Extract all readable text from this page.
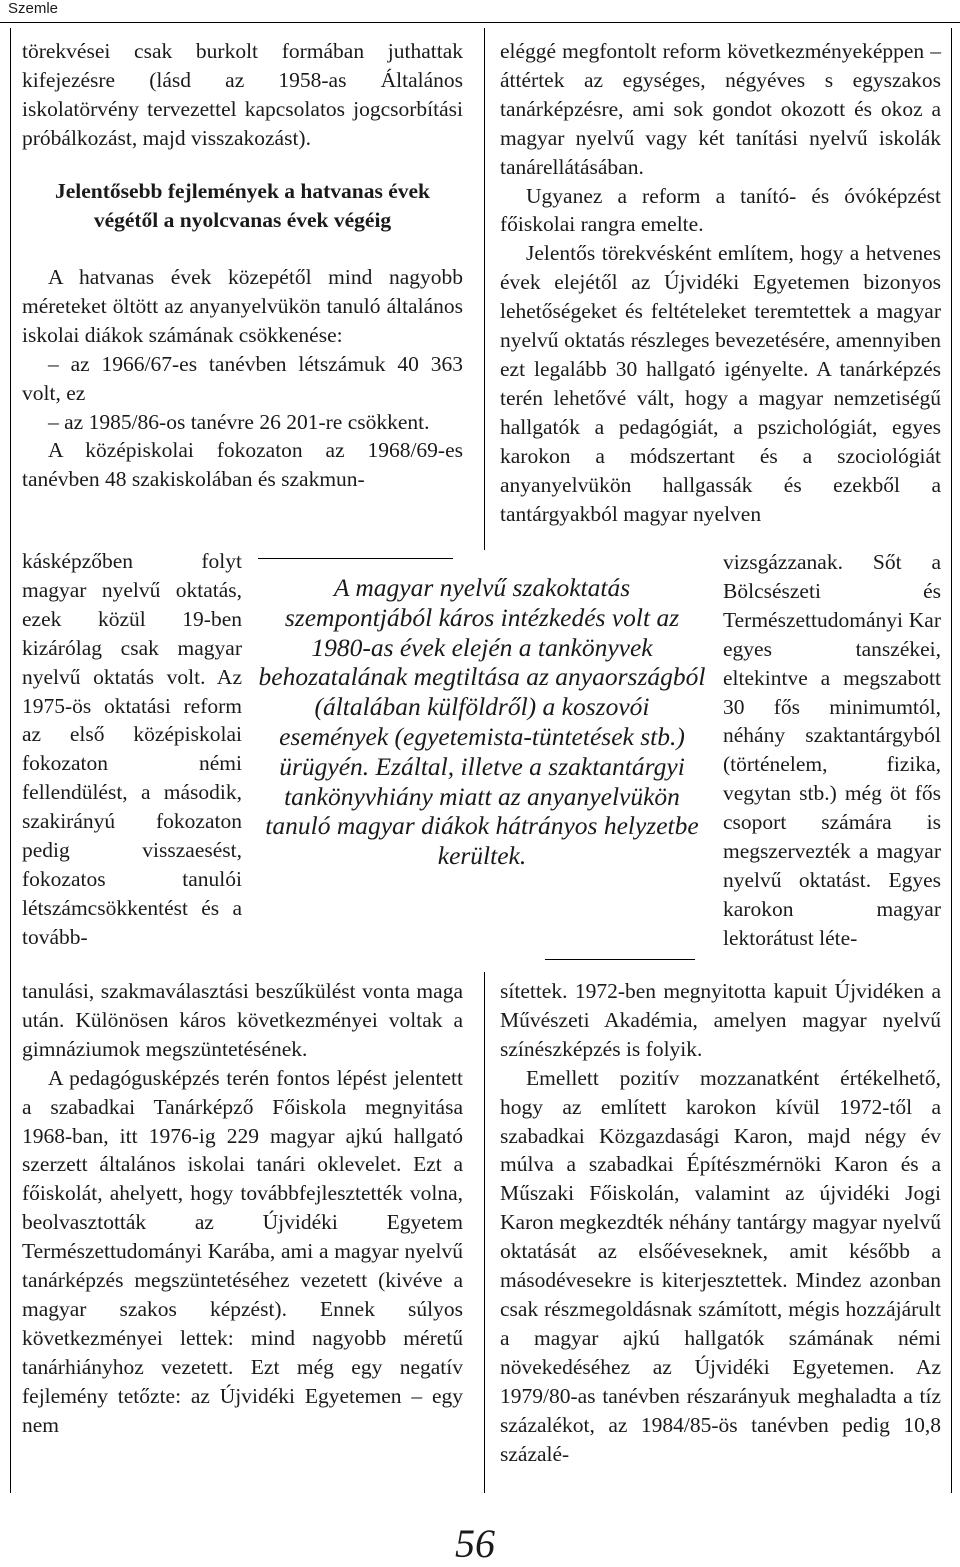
Szemle

törekvései csak burkolt formában juthattak kifejezésre (lásd az 1958-as Általános iskolatörvény tervezettel kapcsolatos jogcsorbítási próbálkozást, majd visszakozást).

Jelentősebb fejlemények a hatvanas évek végétől a nyolcvanas évek végéig

A hatvanas évek közepétől mind nagyobb méreteket öltött az anyanyelvükön tanuló általános iskolai diákok számának csökkenése:

– az 1966/67-es tanévben létszámuk 40 363 volt, ez

– az 1985/86-os tanévre 26 201-re csökkent.

A középiskolai fokozaton az 1968/69-es tanévben 48 szakiskolában és szakmun-

kásképzőben folyt magyar nyelvű oktatás, ezek közül 19-ben kizárólag csak magyar nyelvű oktatás volt. Az 1975-ös oktatási reform az első középiskolai fokozaton némi fellendülést, a második, szakirányú fokozaton pedig visszaesést, fokozatos tanulói létszámcsökkentést és a tovább-

tanulási, szakmaválasztási beszűkülést vonta maga után. Különösen káros következményei voltak a gimnáziumok megszüntetésének.

A pedagógusképzés terén fontos lépést jelentett a szabadkai Tanárképző Főiskola megnyitása 1968-ban, itt 1976-ig 229 magyar ajkú hallgató szerzett általános iskolai tanári oklevelet. Ezt a főiskolát, ahelyett, hogy továbbfejlesztették volna, beolvasztották az Újvidéki Egyetem Természettudományi Karába, ami a magyar nyelvű tanárképzés megszüntetéséhez vezetett (kivéve a magyar szakos képzést). Ennek súlyos következményei lettek: mind nagyobb méretű tanárhiányhoz vezetett. Ezt még egy negatív fejlemény tetőzte: az Újvidéki Egyetemen – egy nem

eléggé megfontolt reform következményeképpen – áttértek az egységes, négyéves s egyszakos tanárképzésre, ami sok gondot okozott és okoz a magyar nyelvű vagy két tanítási nyelvű iskolák tanárellátásában.

Ugyanez a reform a tanító- és óvóképzést főiskolai rangra emelte.

Jelentős törekvésként említem, hogy a hetvenes évek elejétől az Újvidéki Egyetemen bizonyos lehetőségeket és feltételeket teremtettek a magyar nyelvű oktatás részleges bevezetésére, amennyiben ezt legalább 30 hallgató igényelte. A tanárképzés terén lehetővé vált, hogy a magyar nemzetiségű hallgatók a pedagógiát, a pszichológiát, egyes karokon a módszertant és a szociológiát anyanyelvükön hallgassák és ezekből a tantárgyakból magyar nyelven

vizsgázzanak. Sőt a Bölcsészeti és Természettudományi Kar egyes tanszékei, eltekintve a megszabott 30 fős minimumtól, néhány szaktantárgyból (történelem, fizika, vegytan stb.) még öt fős csoport számára is megszervezték a magyar nyelvű oktatást. Egyes karokon magyar lektorátust léte-

sítettek. 1972-ben megnyitotta kapuit Újvidéken a Művészeti Akadémia, amelyen magyar nyelvű színészképzés is folyik.

Emellett pozitív mozzanatként értékelhető, hogy az említett karokon kívül 1972-től a szabadkai Közgazdasági Karon, majd négy év múlva a szabadkai Építészmérnöki Karon és a Műszaki Főiskolán, valamint az újvidéki Jogi Karon megkezdték néhány tantárgy magyar nyelvű oktatását az elsőéveseknek, amit később a másodévesekre is kiterjesztettek. Mindez azonban csak részmegoldásnak számított, mégis hozzájárult a magyar ajkú hallgatók számának némi növekedéséhez az Újvidéki Egyetemen. Az 1979/80-as tanévben részarányuk meghaladta a tíz százalékot, az 1984/85-ös tanévben pedig 10,8 százalé-

A magyar nyelvű szakoktatás szempontjából káros intézkedés volt az 1980-as évek elején a tankönyvek behozatalának megtiltása az anyaországból (általában külföldről) a koszovói események (egyetemista-tüntetések stb.) ürügyén. Ezáltal, illetve a szaktantárgyi tankönyvhiány miatt az anyanyelvükön tanuló magyar diákok hátrányos helyzetbe kerültek.

56
